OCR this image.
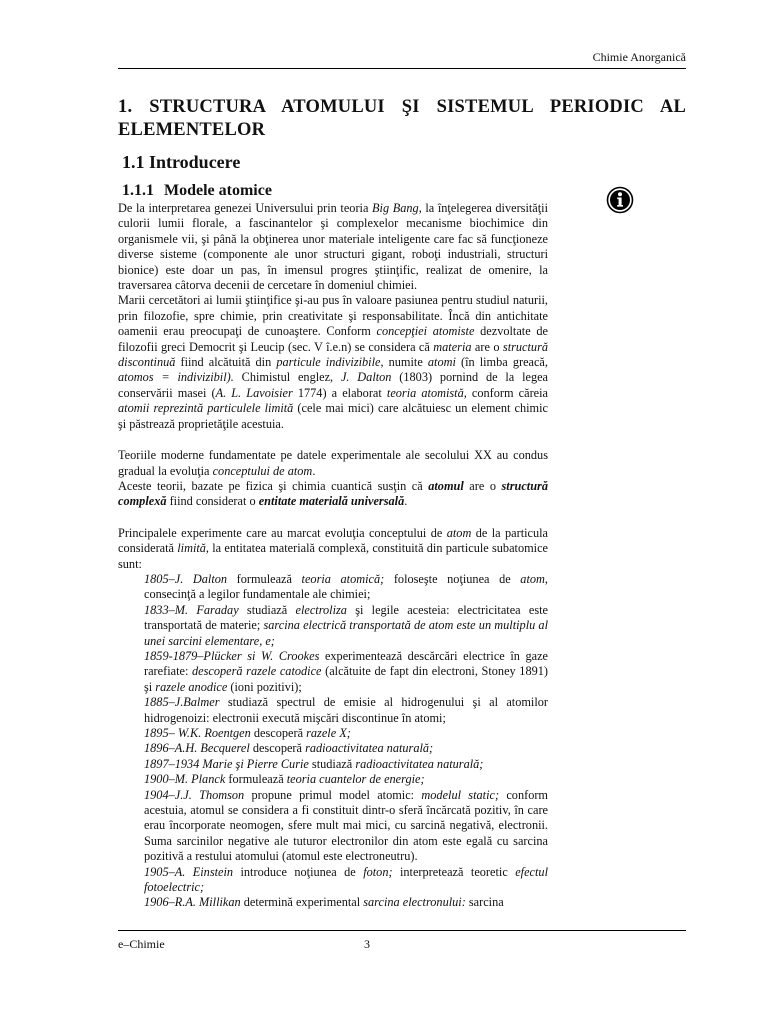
Chimie Anorganică
1. STRUCTURA ATOMULUI ŞI SISTEMUL PERIODIC AL ELEMENTELOR
1.1 Introducere
1.1.1 Modele atomice

De la interpretarea genezei Universului prin teoria Big Bang, la înţelegerea diversităţii culorii lumii florale, a fascinantelor şi complexelor mecanisme biochimice din organismele vii, şi până la obţinerea unor materiale inteligente care fac să funcţioneze diverse sisteme (componente ale unor structuri gigant, roboţi industriali, structuri bionice) este doar un pas, în imensul progres ştiinţific, realizat de omenire, la traversarea câtorva decenii de cercetare în domeniul chimiei.

Marii cercetători ai lumii ştiinţifice şi-au pus în valoare pasiunea pentru studiul naturii, prin filozofie, spre chimie, prin creativitate şi responsabilitate. Încă din antichitate oamenii erau preocupaţi de cunoaştere. Conform concepţiei atomiste dezvoltate de filozofii greci Democrit şi Leucip (sec. V î.e.n) se considera că materia are o structură discontinuă fiind alcătuită din particule indivizibile, numite atomi (în limba greacă, atomos = indivizibil). Chimistul englez, J. Dalton (1803) pornind de la legea conservării masei (A. L. Lavoisier 1774) a elaborat teoria atomistă, conform căreia atomii reprezintă particulele limită (cele mai mici) care alcătuiesc un element chimic şi păstrează proprietăţile acestuia.

Teoriile moderne fundamentate pe datele experimentale ale secolului XX au condus gradual la evoluţia conceptului de atom.

Aceste teorii, bazate pe fizica şi chimia cuantică susţin că atomul are o structură complexă fiind considerat o entitate materială universală.

Principalele experimente care au marcat evoluţia conceptului de atom de la particula considerată limită, la entitatea materială complexă, constituită din particule subatomice sunt:

1805–J. Dalton formulează teoria atomică; foloseşte noţiunea de atom, consecinţă a legilor fundamentale ale chimiei;

1833–M. Faraday studiază electroliza şi legile acesteia: electricitatea este transportată de materie; sarcina electrică transportată de atom este un multiplu al unei sarcini elementare, e;

1859-1879–Plücker si W. Crookes experimentează descărcări electrice în gaze rarefiate: descoperă razele catodice (alcătuite de fapt din electroni, Stoney 1891) şi razele anodice (ioni pozitivi);

1885–J.Balmer studiază spectrul de emisie al hidrogenului şi al atomilor hidrogenoizi: electronii execută mişcări discontinue în atomi;

1895– W.K. Roentgen descoperă razele X;

1896–A.H. Becquerel descoperă radioactivitatea naturală;

1897–1934 Marie şi Pierre Curie studiază radioactivitatea naturală;

1900–M. Planck formulează teoria cuantelor de energie;

1904–J.J. Thomson propune primul model atomic: modelul static; conform acestuia, atomul se considera a fi constituit dintr-o sferă încărcată pozitiv, în care erau încorporate neomogen, sfere mult mai mici, cu sarcină negativă, electronii. Suma sarcinilor negative ale tuturor electronilor din atom este egală cu sarcina pozitivă a restului atomului (atomul este electroneutru).

1905–A. Einstein introduce noţiunea de foton; interpretează teoretic efectul fotoelectric;

1906–R.A. Millikan determină experimental sarcina electronului: sarcina

e–Chimie	3
